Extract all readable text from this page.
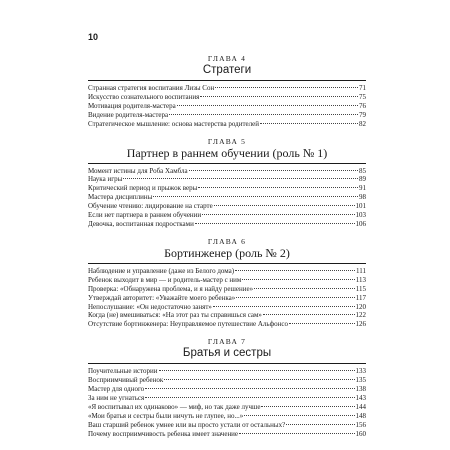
10
ГЛАВА 4
Стратеги
Странная стратегия воспитания Лизы Сон	71
Искусство сознательного воспитания	75
Мотивация родителя-мастера	76
Видение родителя-мастера	79
Стратегическое мышление: основа мастерства родителей	82
ГЛАВА 5
Партнер в раннем обучении (роль № 1)
Момент истины для Роба Хамбла	85
Наука игры	89
Критический период и прыжок веры	91
Мастера дисциплины	98
Обучение чтению: лидирование на старте	101
Если нет партнера в раннем обучении	103
Девочка, воспитанная подростками	106
ГЛАВА 6
Бортинженер (роль № 2)
Наблюдение и управление (даже из Белого дома)	111
Ребенок выходит в мир — и родитель-мастер с ним	113
Проверка: «Обнаружена проблема, и я найду решение»	115
Утверждай авторитет: «Уважайте моего ребенка»	117
Непослушание: «Он недостаточно занят»	120
Когда (не) вмешиваться: «На этот раз ты справишься сам»	122
Отсутствие бортинженера: Неуправляемое путешествие Альфонсо	126
ГЛАВА 7
Братья и сестры
Поучительные истории	133
Восприимчивый ребенок	135
Мастер для одного	138
За ним не угнаться	143
«Я воспитывал их одинаково» — миф, но так даже лучше	144
«Мои братья и сестры были ничуть не глупее, но...»	148
Ваш старший ребенок умнее или вы просто устали от остальных?	156
Почему восприимчивость ребенка имеет значение	160
